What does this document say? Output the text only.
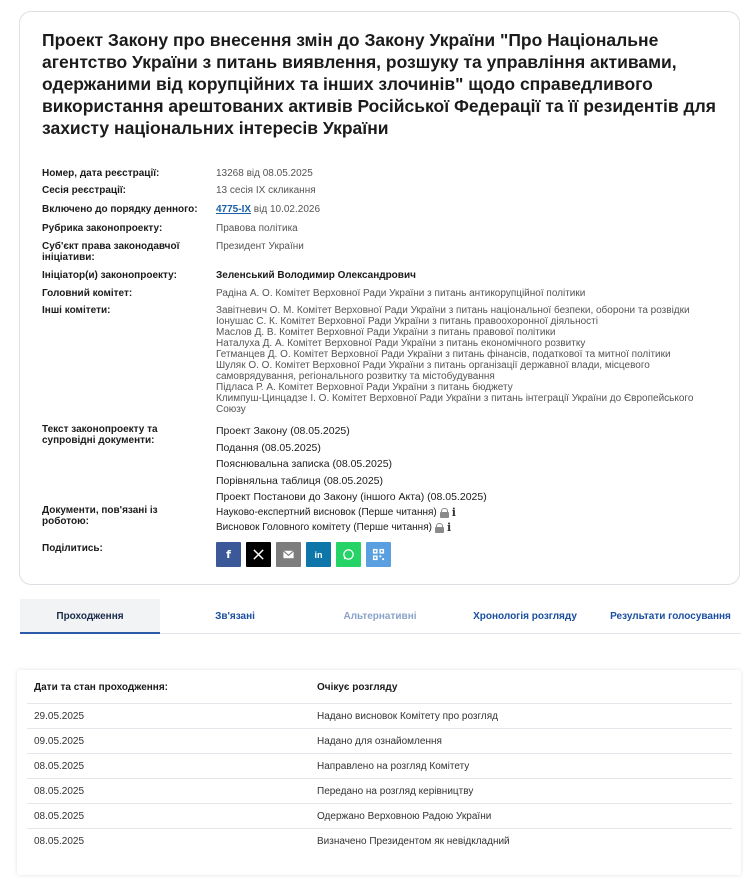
Проект Закону про внесення змін до Закону України "Про Національне агентство України з питань виявлення, розшуку та управління активами, одержаними від корупційних та інших злочинів" щодо справедливого використання арештованих активів Російської Федерації та її резидентів для захисту національних інтересів України
Номер, дата реєстрації:	13268 від 08.05.2025
Сесія реєстрації:	13 сесія IX скликання
Включено до порядку денного:	4775-IX від 10.02.2026
Рубрика законопроекту:	Правова політика
Суб'єкт права законодавчої ініціативи:
Президент України
Ініціатор(и) законопроекту:	Зеленський Володимир Олександрович
Головний комітет:	Радіна А. О. Комітет Верховної Ради України з питань антикорупційної політики
Інші комітети:	Завітневич О. М. Комітет Верховної Ради України з питань національної безпеки, оборони та розвідки
Іонушас С. К. Комітет Верховної Ради України з питань правоохоронної діяльності
Маслов Д. В. Комітет Верховної Ради України з питань правової політики
Наталуха Д. А. Комітет Верховної Ради України з питань економічного розвитку
Гетманцев Д. О. Комітет Верховної Ради України з питань фінансів, податкової та митної політики
Шуляк О. О. Комітет Верховної Ради України з питань організації державної влади, місцевого
самоврядування, регіонального розвитку та містобудування
Підласа Р. А. Комітет Верховної Ради України з питань бюджету
Климпуш-Цинцадзе І. О. Комітет Верховної Ради України з питань інтеграції України до Європейського
Союзу
Текст законопроекту та супровідні документи:
Проект Закону (08.05.2025)
Подання (08.05.2025)
Пояснювальна записка (08.05.2025)
Порівняльна таблиця (08.05.2025)
Проект Постанови до Закону (іншого Акта) (08.05.2025)
Документи, пов'язані із роботою:
Науково-експертний висновок (Перше читання) i
Висновок Головного комітету (Перше читання) i
Поділитись:	f	in
Проходження	Зв'язані	Альтернативні	Хронологія розгляду	Результати голосування
Дати та стан проходження:	Очікує розгляду
29.05.2025	Надано висновок Комітету про розгляд
09.05.2025	Надано для ознайомлення
08.05.2025	Направлено на розгляд Комітету
08.05.2025	Передано на розгляд керівництву
08.05.2025	Одержано Верховною Радою України
08.05.2025	Визначено Президентом як невідкладний
